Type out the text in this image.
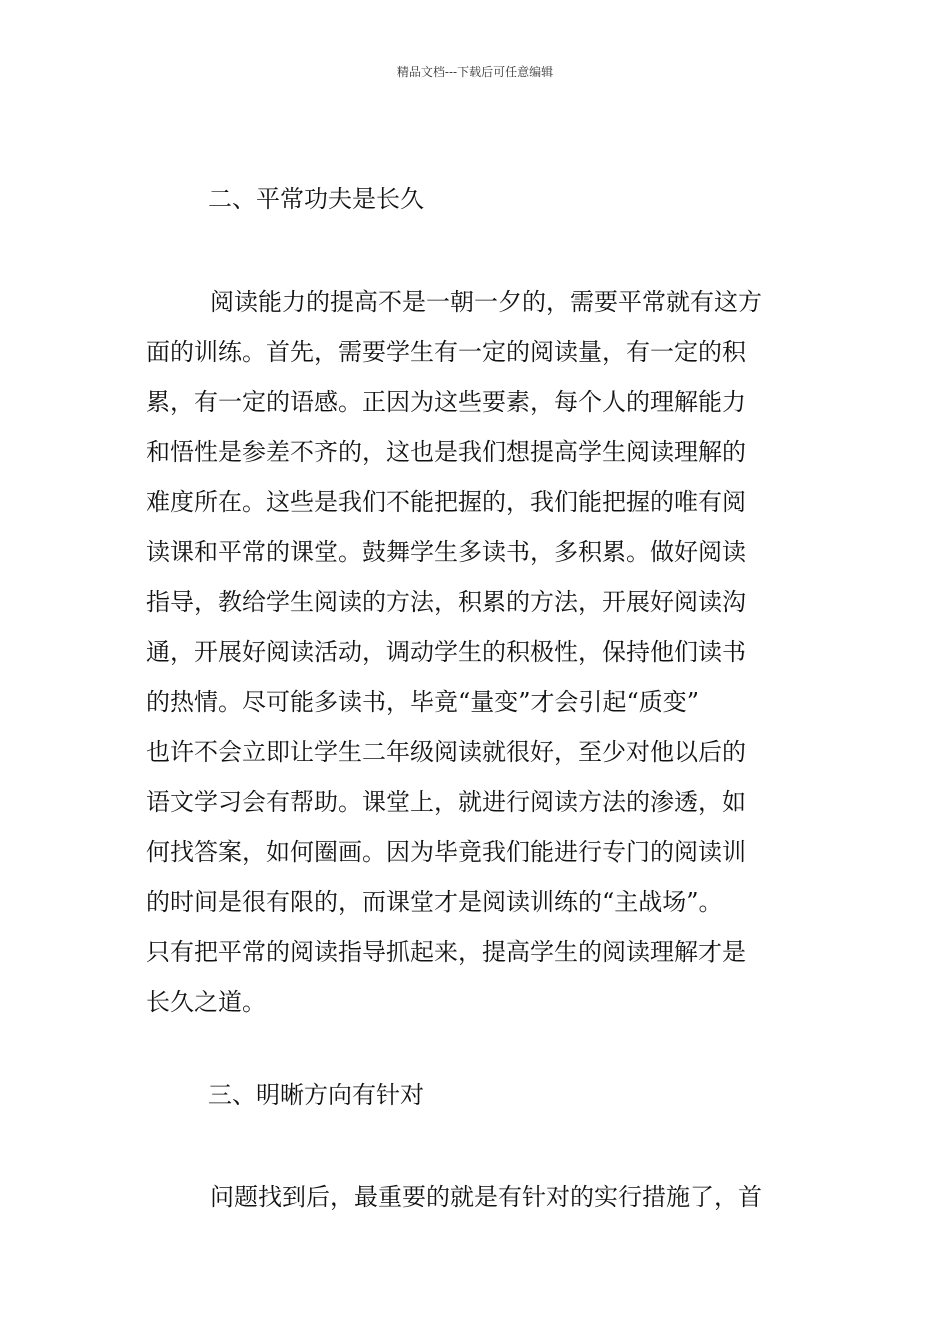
精品文档---下载后可任意编辑
二、平常功夫是长久
阅读能力的提高不是一朝一夕的，需要平常就有这方
面的训练。首先，需要学生有一定的阅读量，有一定的积
累，有一定的语感。正因为这些要素，每个人的理解能力
和悟性是参差不齐的，这也是我们想提高学生阅读理解的
难度所在。这些是我们不能把握的，我们能把握的唯有阅
读课和平常的课堂。鼓舞学生多读书，多积累。做好阅读
指导，教给学生阅读的方法，积累的方法，开展好阅读沟
通，开展好阅读活动，调动学生的积极性，保持他们读书
的热情。尽可能多读书，毕竟“量变”才会引起“质变”
也许不会立即让学生二年级阅读就很好，至少对他以后的
语文学习会有帮助。课堂上，就进行阅读方法的渗透，如
何找答案，如何圈画。因为毕竟我们能进行专门的阅读训
的时间是很有限的，而课堂才是阅读训练的“主战场”。
只有把平常的阅读指导抓起来，提高学生的阅读理解才是
长久之道。
三、明晰方向有针对
问题找到后，最重要的就是有针对的实行措施了，首
